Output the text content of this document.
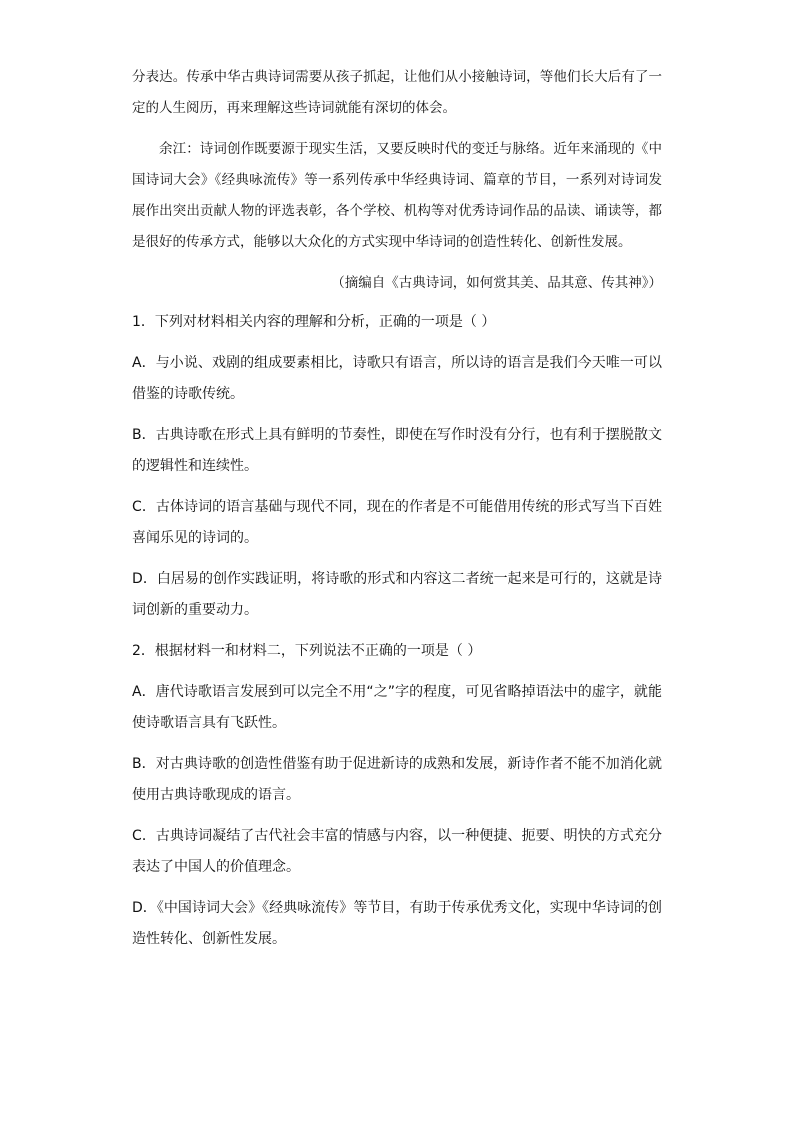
分表达。传承中华古典诗词需要从孩子抓起，让他们从小接触诗词，等他们长大后有了一定的人生阅历，再来理解这些诗词就能有深切的体会。

余江：诗词创作既要源于现实生活，又要反映时代的变迁与脉络。近年来涌现的《中国诗词大会》《经典咏流传》等一系列传承中华经典诗词、篇章的节目，一系列对诗词发展作出突出贡献人物的评选表彰，各个学校、机构等对优秀诗词作品的品读、诵读等，都是很好的传承方式，能够以大众化的方式实现中华诗词的创造性转化、创新性发展。

（摘编自《古典诗词，如何赏其美、品其意、传其神》）

1．下列对材料相关内容的理解和分析，正确的一项是（ ）

A．与小说、戏剧的组成要素相比，诗歌只有语言，所以诗的语言是我们今天唯一可以借鉴的诗歌传统。

B．古典诗歌在形式上具有鲜明的节奏性，即使在写作时没有分行，也有利于摆脱散文的逻辑性和连续性。

C．古体诗词的语言基础与现代不同，现在的作者是不可能借用传统的形式写当下百姓喜闻乐见的诗词的。

D．白居易的创作实践证明，将诗歌的形式和内容这二者统一起来是可行的，这就是诗词创新的重要动力。

2．根据材料一和材料二，下列说法不正确的一项是（ ）

A．唐代诗歌语言发展到可以完全不用“之”字的程度，可见省略掉语法中的虚字，就能使诗歌语言具有飞跃性。

B．对古典诗歌的创造性借鉴有助于促进新诗的成熟和发展，新诗作者不能不加消化就使用古典诗歌现成的语言。

C．古典诗词凝结了古代社会丰富的情感与内容，以一种便捷、扼要、明快的方式充分表达了中国人的价值理念。

D．《中国诗词大会》《经典咏流传》等节目，有助于传承优秀文化，实现中华诗词的创造性转化、创新性发展。
